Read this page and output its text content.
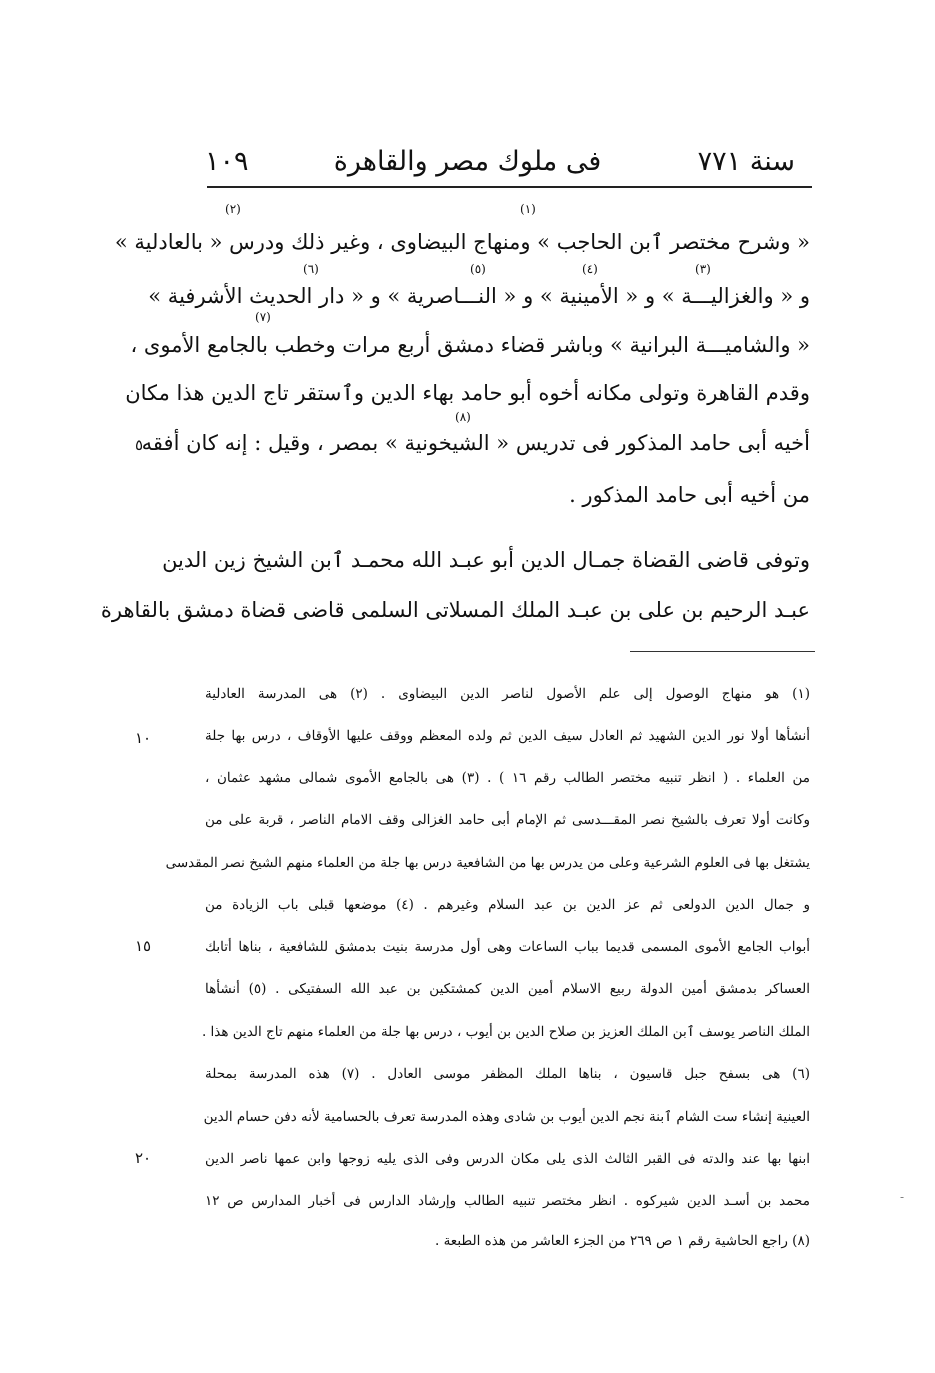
سنة ٧٧١
فى ملوك مصر والقاهرة
١٠٩
(١)
(٢)
(٣)
(٤)
(٥)
(٦)
(٧)
(٨)
« وشرح مختصر ٱبن الحاجب » ومنهاج البيضاوى ، وغير ذلك ودرس « بالعادلية »
و « والغزاليـــة » و « الأمينية » و « النـــاصرية » و « دار الحديث الأشرفية »
« والشاميـــة البرانية » وباشر قضاء دمشق أربع مرات وخطب بالجامع الأموى ،
وقدم القاهرة وتولى مكانه أخوه أبو حامد بهاء الدين وٱستقر تاج الدين هذا مكان
أخيه أبى حامد المذكور فى تدريس « الشيخونية » بمصر ، وقيل : إنه كان أفقه
من أخيه أبى حامد المذكور .
٥
وتوفى قاضى القضاة جمـال الدين أبو عبـد الله محمـد ٱبن الشيخ زين الدين
عبـد الرحيم بن على بن عبـد الملك المسلاتى السلمى قاضى قضاة دمشق بالقاهرة
(١) هو منهاج الوصول إلى علم الأصول لناصر الدين البيضاوى . (٢) هى المدرسة العادلية
أنشأها أولا نور الدين الشهيد ثم العادل سيف الدين ثم ولده المعظم ووقف عليها الأوقاف ، درس بها جلة
من العلماء . ( انظر تنبيه مختصر الطالب رقم ١٦ ) . (٣) هى بالجامع الأموى شمالى مشهد عثمان ،
وكانت أولا تعرف بالشيخ نصر المقـــدسى ثم الإمام أبى حامد الغزالى وقف الامام الناصر ، قربة على من
يشتغل بها فى العلوم الشرعية وعلى من يدرس بها من الشافعية درس بها جلة من العلماء منهم الشيخ نصر المقدسى
و جمال الدين الدولعى ثم عز الدين بن عبد السلام وغيرهم . (٤) موضعها قبلى باب الزيادة من
أبواب الجامع الأموى المسمى قديما بباب الساعات وهى أول مدرسة بنيت بدمشق للشافعية ، بناها أتابك
العساكر بدمشق أمين الدولة ربيع الاسلام أمين الدين كمشتكين بن عبد الله السفتيكى . (٥) أنشأها
الملك الناصر يوسف ٱبن الملك العزيز بن صلاح الدين بن أيوب ، درس بها جلة من العلماء منهم تاج الدين هذا .
(٦) هى بسفح جبل قاسيون ، بناها الملك المظفر موسى العادل . (٧) هذه المدرسة بمحلة
العينية إنشاء ست الشام ٱبنة نجم الدين أيوب بن شادى وهذه المدرسة تعرف بالحسامية لأنه دفن حسام الدين
ابنها بها عند والدته فى القبر الثالث الذى يلى مكان الدرس وفى الذى يليه زوجها وابن عمها ناصر الدين
محمد بن أسـد الدين شيركوه . انظر مختصر تنبيه الطالب وإرشاد الدارس فى أخبار المدارس ص ١٢
(٨) راجع الحاشية رقم ١ ص ٢٦٩ من الجزء العاشر من هذه الطبعة .
١٠
١٥
٢٠
-
